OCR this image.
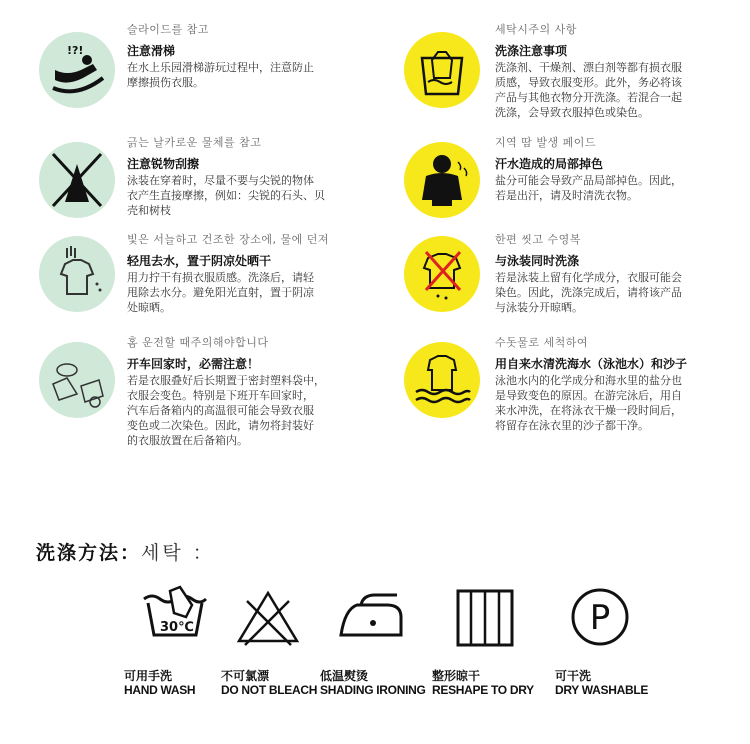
!?!
슬라이드를 참고
注意滑梯
在水上乐园滑梯游玩过程中，注意防止
摩擦损伤衣服。
긁는 날카로운 물체를 참고
注意锐物刮擦
泳装在穿着时，尽量不要与尖锐的物体
衣产生直接摩擦，例如：尖锐的石头、贝
壳和树枝
빛은 서늘하고 건조한 장소에, 물에 던져
轻甩去水，置于阴凉处晒干
用力拧干有损衣服质感。洗涤后，请轻
甩除去水分。避免阳光直射，置于阴凉
处晾晒。
홈 운전할 때주의해야합니다
开车回家时，必需注意！
若是衣服叠好后长期置于密封塑料袋中，
衣服会变色。特别是下班开车回家时，
汽车后备箱内的高温很可能会导致衣服
变色或二次染色。因此，请勿将封装好
的衣服放置在后备箱内。
세탁시주의 사항
洗涤注意事项
洗涤剂、干燥剂、漂白剂等都有损衣服
质感，导致衣服变形。此外，务必将该
产品与其他衣物分开洗涤。若混合一起
洗涤，会导致衣服掉色或染色。
지역 땀 발생 페이드
汗水造成的局部掉色
盐分可能会导致产品局部掉色。因此，
若是出汗，请及时清洗衣物。
한편 씻고 수영복
与泳装同时洗涤
若是泳装上留有化学成分，衣服可能会
染色。因此，洗涤完成后，请将该产品
与泳装分开晾晒。
수돗물로 세척하여
用自来水清洗海水（泳池水）和沙子
泳池水内的化学成分和海水里的盐分也
是导致变色的原因。在游完泳后，用自
来水冲洗，在将泳衣干燥一段时间后，
将留存在泳衣里的沙子都干净。
洗涤方法：세탁 ：
30℃
可用手洗
HAND WASH
不可氯漂
DO NOT BLEACH
低温熨烫
SHADING IRONING
整形晾干
RESHAPE TO DRY
P
可干洗
DRY WASHABLE
